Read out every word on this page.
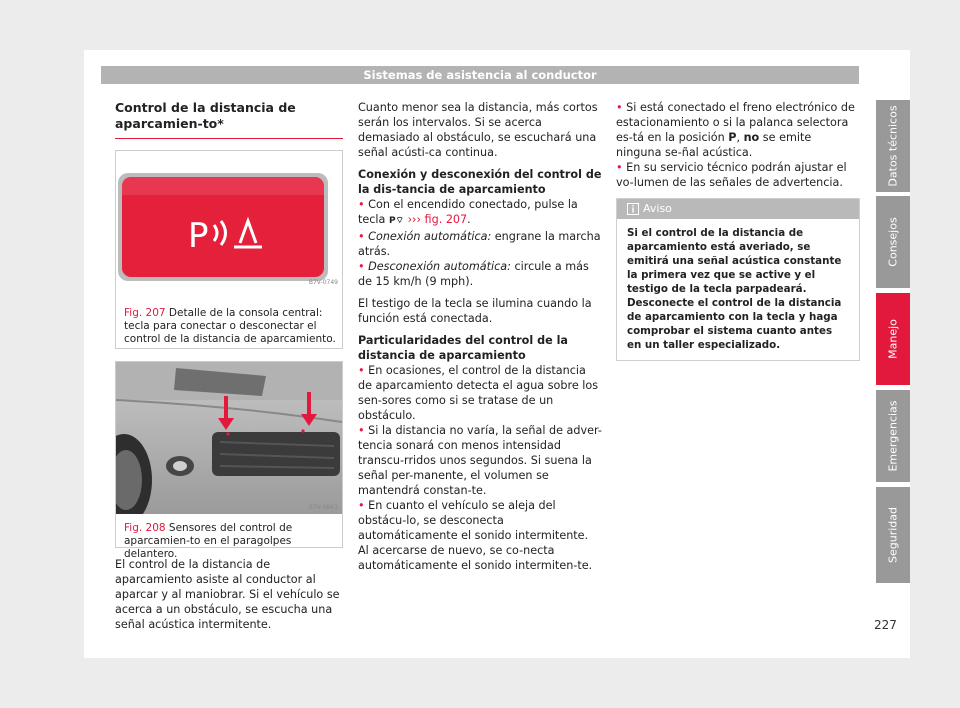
Sistemas de asistencia al conductor
Control de la distancia de aparcamien-to*
P
B7V-0749
Fig. 207 Detalle de la consola central: tecla para conectar o desconectar el control de la distancia de aparcamiento.
B7V-0863
Fig. 208 Sensores del control de aparcamien-to en el paragolpes delantero.
El control de la distancia de aparcamiento asiste al conductor al aparcar y al maniobrar. Si el vehículo se acerca a un obstáculo, se escucha una señal acústica intermitente.
Cuanto menor sea la distancia, más cortos serán los intervalos. Si se acerca demasiado al obstáculo, se escuchará una señal acústi-ca continua.
Conexión y desconexión del control de la dis-tancia de aparcamiento
• Con el encendido conectado, pulse la tecla P⌔ ››› fig. 207.
• Conexión automática: engrane la marcha atrás.
• Desconexión automática: circule a más de 15 km/h (9 mph).
El testigo de la tecla se ilumina cuando la función está conectada.
Particularidades del control de la distancia de aparcamiento
• En ocasiones, el control de la distancia de aparcamiento detecta el agua sobre los sen-sores como si se tratase de un obstáculo.
• Si la distancia no varía, la señal de adver-tencia sonará con menos intensidad transcu-rridos unos segundos. Si suena la señal per-manente, el volumen se mantendrá constan-te.
• En cuanto el vehículo se aleja del obstácu-lo, se desconecta automáticamente el sonido intermitente. Al acercarse de nuevo, se co-necta automáticamente el sonido intermiten-te.
• Si está conectado el freno electrónico de estacionamiento o si la palanca selectora es-tá en la posición P, no se emite ninguna se-ñal acústica.
• En su servicio técnico podrán ajustar el vo-lumen de las señales de advertencia.
Aviso
Si el control de la distancia de aparcamiento está averiado, se emitirá una señal acústica constante la primera vez que se active y el testigo de la tecla parpadeará. Desconecte el control de la distancia de aparcamiento con la tecla y haga comprobar el sistema cuanto antes en un taller especializado.
Datos técnicos
Consejos
Manejo
Emergencias
Seguridad
227
